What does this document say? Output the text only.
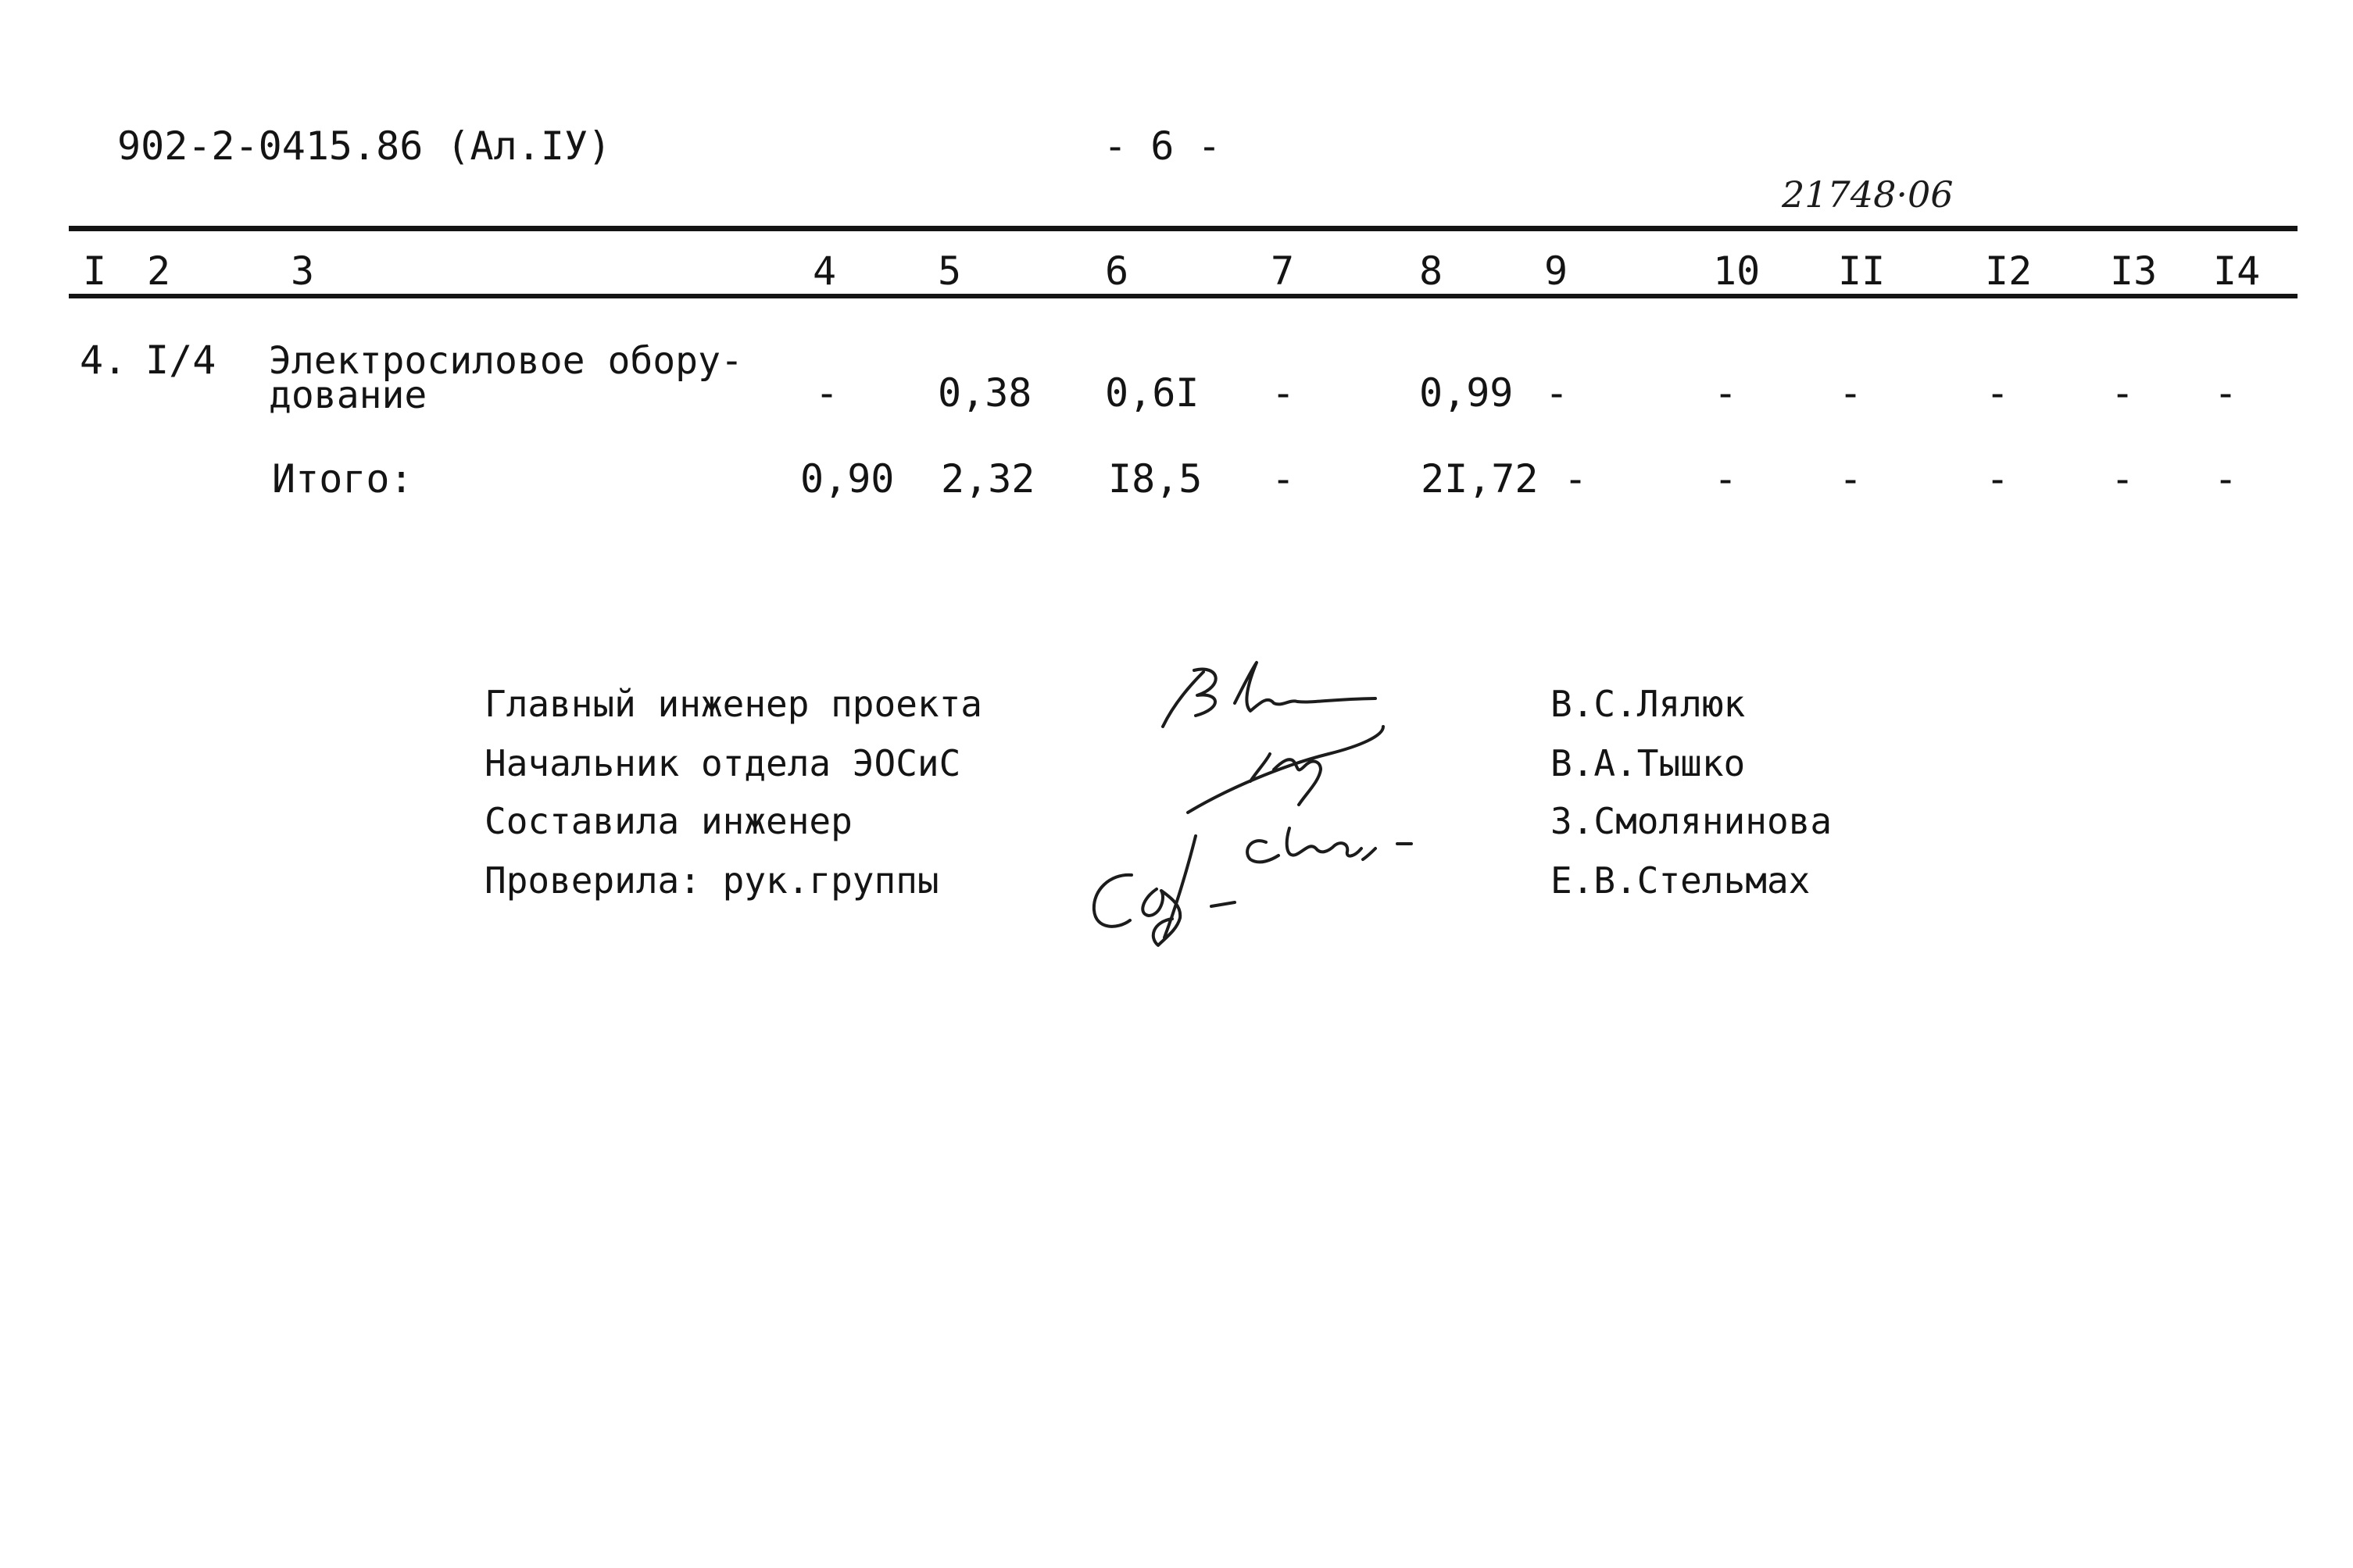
902-2-0415.86 (Ал.IУ)	- 6 -
21748·06
I 2	3	4	5	6	7	8	9	10 II	I2 I3 I4
4. I/4 Электросиловое обору-
дование	-	0,38 0,6I -	0,99 -	-	-	-	- -
Итого:	0,90 2,32 I8,5 -	2I,72 -	-	-	-	- -
Главный инженер проекта	В.С.Лялюк
Начальник отдела ЭОСиС	В.А.Тышко
Составила инженер	З.Смолянинова
Проверила: рук.группы	Е.В.Стельмах
